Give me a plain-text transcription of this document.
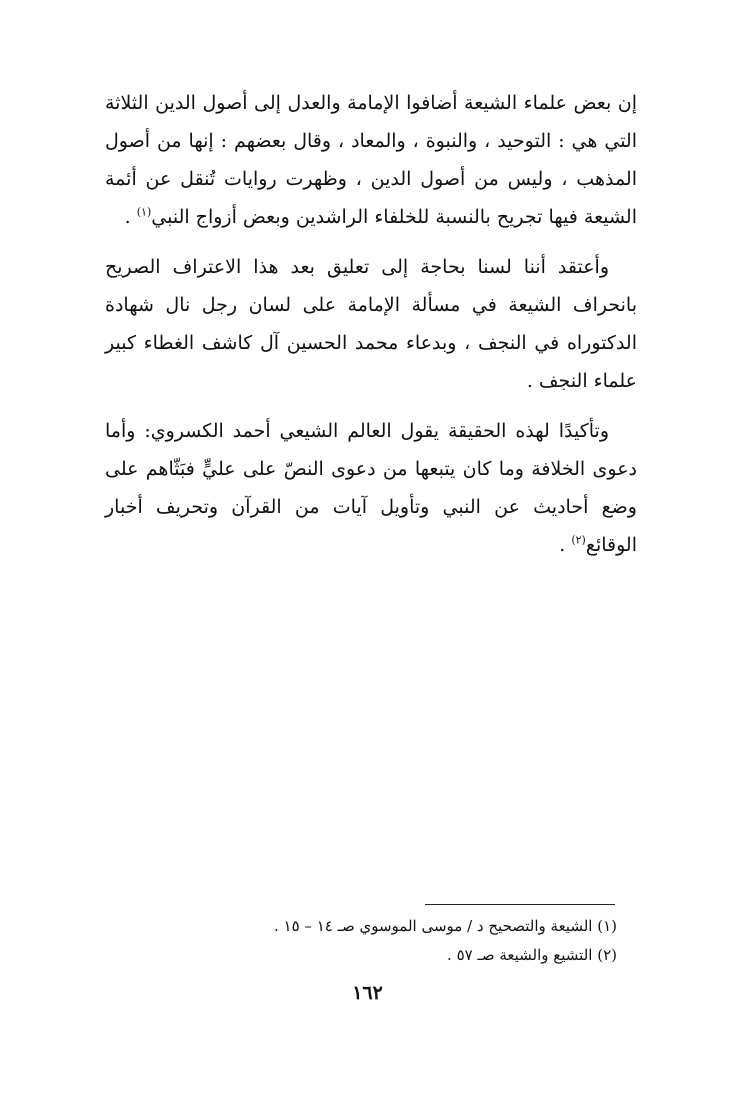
إن بعض علماء الشيعة أضافوا الإمامة والعدل إلى أصول الدين الثلاثة التي هي : التوحيد ، والنبوة ، والمعاد ، وقال بعضهم : إنها من أصول المذهب ، وليس من أصول الدين ، وظهرت روايات تُنقل عن أئمة الشيعة فيها تجريح بالنسبة للخلفاء الراشدين وبعض أزواج النبي$^{(١)}$ .

وأعتقد أننا لسنا بحاجة إلى تعليق بعد هذا الاعتراف الصريح بانحراف الشيعة في مسألة الإمامة على لسان رجل نال شهادة الدكتوراه في النجف ، وبدعاء محمد الحسين آل كاشف الغطاء كبير علماء النجف .

وتأكيدًا لهذه الحقيقة يقول العالم الشيعي أحمد الكسروي: وأما دعوى الخلافة وما كان يتبعها من دعوى النصّ على عليٍّ فبَثّاهم على وضع أحاديث عن النبي وتأويل آيات من القرآن وتحريف أخبار الوقائع$^{(٢)}$ .

(١) الشيعة والتصحيح د / موسى الموسوي صـ ١٤ – ١٥ .
(٢) التشيع والشيعة صـ ٥٧ .
١٦٢
